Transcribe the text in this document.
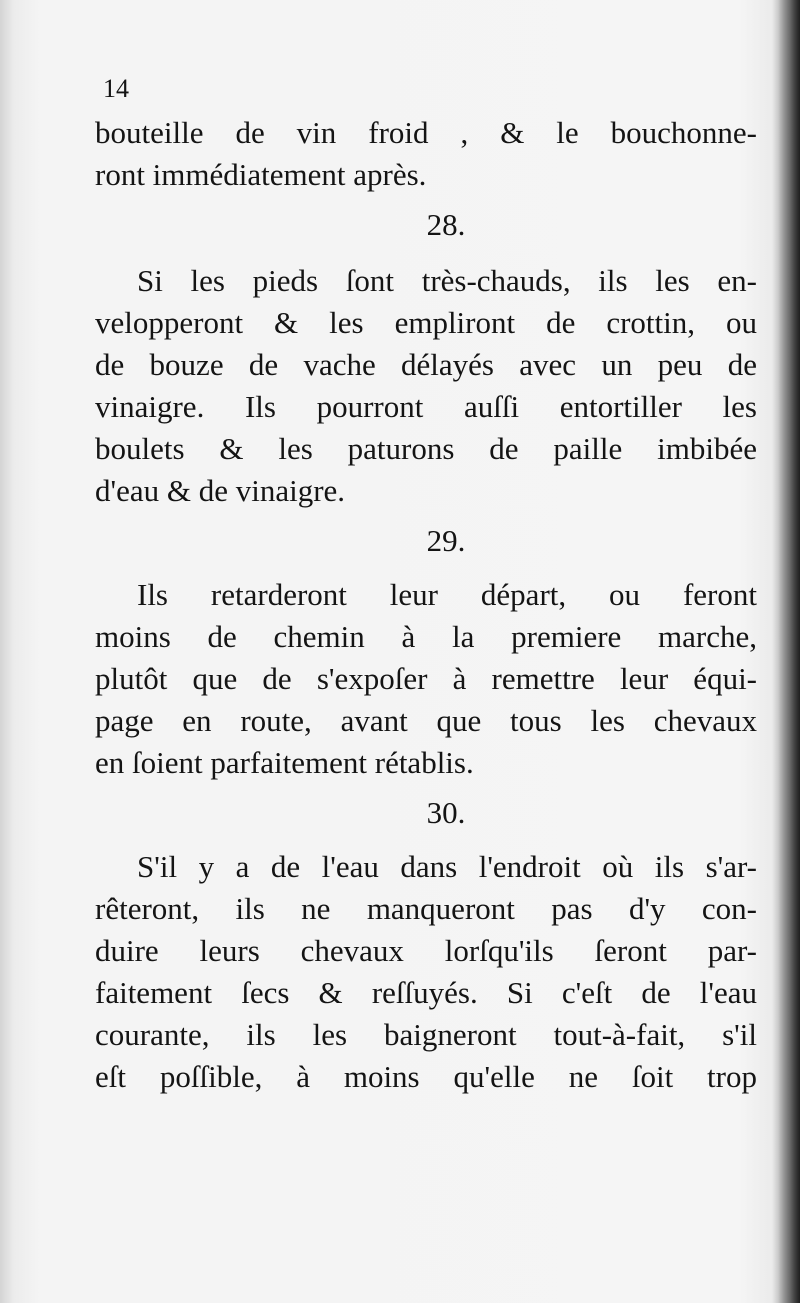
14
bouteille de vin froid , & le bouchonne-
ront immédiatement après.
28.
Si les pieds ſont très-chauds, ils les en-
velopperont & les empliront de crottin, ou
de bouze de vache délayés avec un peu de
vinaigre. Ils pourront auſſi entortiller les
boulets & les paturons de paille imbibée
d'eau & de vinaigre.
29.
Ils retarderont leur départ, ou feront
moins de chemin à la premiere marche,
plutôt que de s'expoſer à remettre leur équi-
page en route, avant que tous les chevaux
en ſoient parfaitement rétablis.
30.
S'il y a de l'eau dans l'endroit où ils s'ar-
rêteront, ils ne manqueront pas d'y con-
duire leurs chevaux lorſqu'ils ſeront par-
faitement ſecs & reſſuyés. Si c'eſt de l'eau
courante, ils les baigneront tout-à-fait, s'il
eſt poſſible, à moins qu'elle ne ſoit trop
